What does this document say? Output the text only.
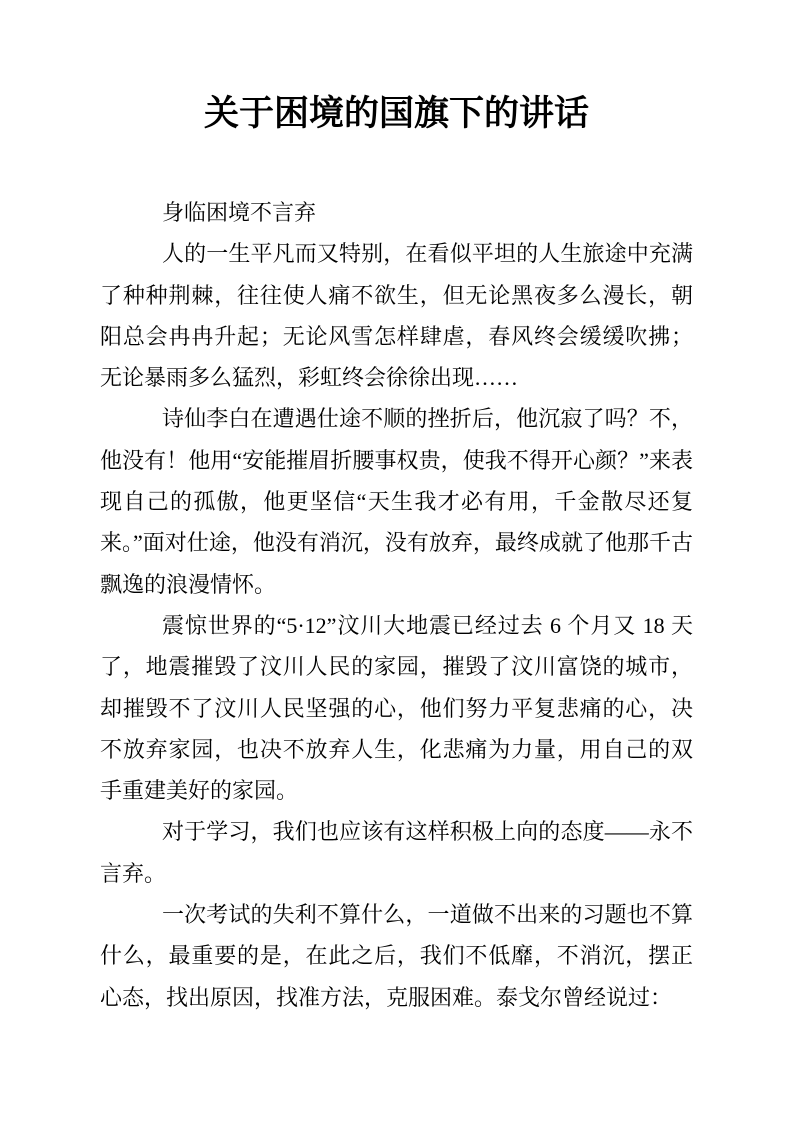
关于困境的国旗下的讲话

身临困境不言弃

人的一生平凡而又特别，在看似平坦的人生旅途中充满了种种荆棘，往往使人痛不欲生，但无论黑夜多么漫长，朝阳总会冉冉升起；无论风雪怎样肆虐，春风终会缓缓吹拂；无论暴雨多么猛烈，彩虹终会徐徐出现……

诗仙李白在遭遇仕途不顺的挫折后，他沉寂了吗？不，他没有！他用“安能摧眉折腰事权贵，使我不得开心颜？”来表现自己的孤傲，他更坚信“天生我才必有用，千金散尽还复来。”面对仕途，他没有消沉，没有放弃，最终成就了他那千古飘逸的浪漫情怀。

震惊世界的“5·12”汶川大地震已经过去 6 个月又 18 天了，地震摧毁了汶川人民的家园，摧毁了汶川富饶的城市，却摧毁不了汶川人民坚强的心，他们努力平复悲痛的心，决不放弃家园，也决不放弃人生，化悲痛为力量，用自己的双手重建美好的家园。

对于学习，我们也应该有这样积极上向的态度——永不言弃。

一次考试的失利不算什么，一道做不出来的习题也不算什么，最重要的是，在此之后，我们不低靡，不消沉，摆正心态，找出原因，找准方法，克服困难。泰戈尔曾经说过：
